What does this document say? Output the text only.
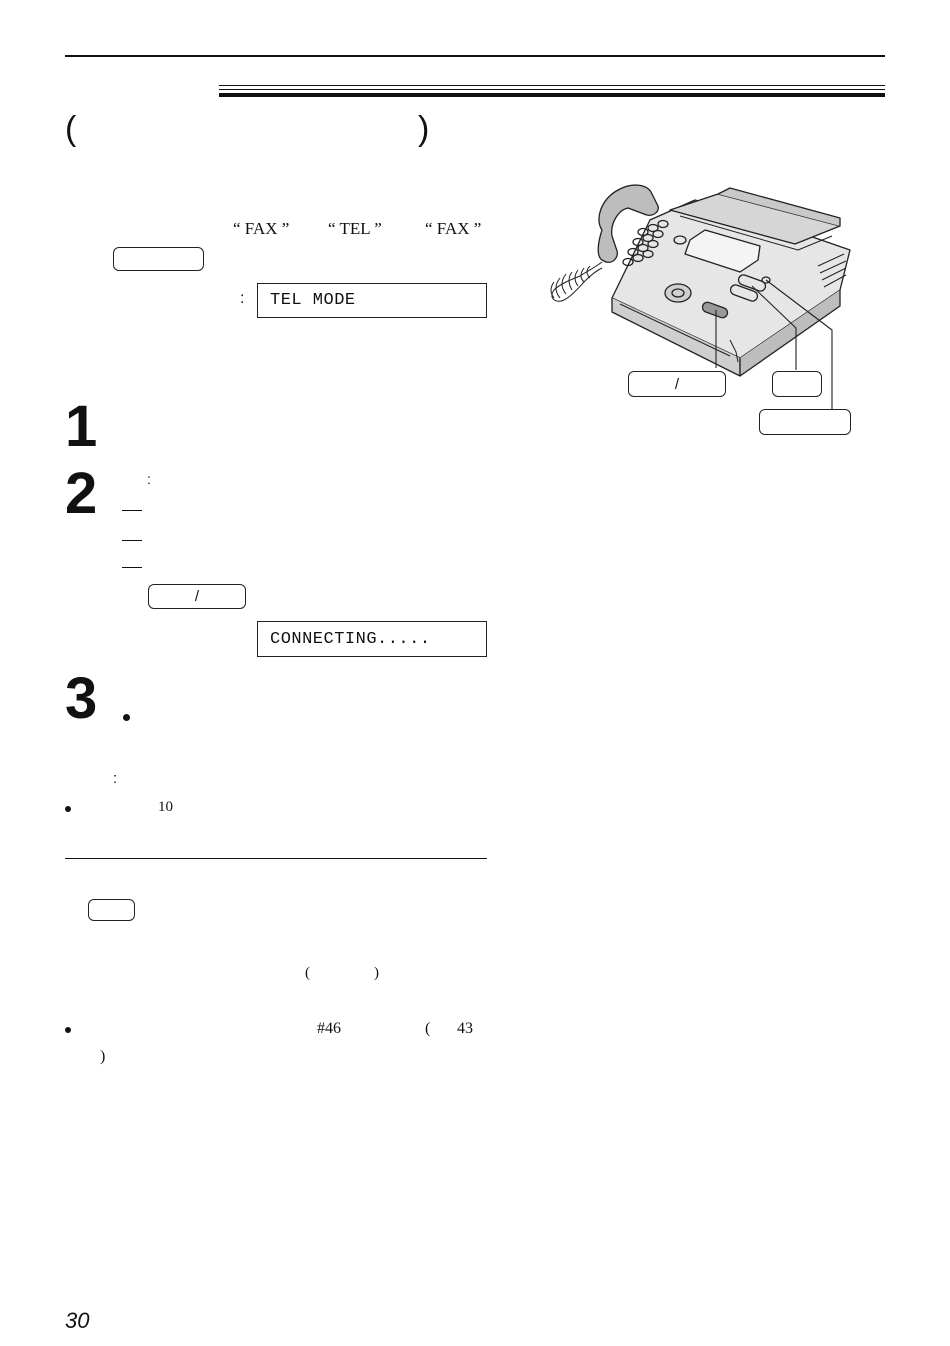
(	)
“ FAX ” “ TEL ”	“ FAX ”
:	TEL MODE
1
2	:
/
CONNECTING.....
3
:
10
(	)
#46	( 43
)
30
/
